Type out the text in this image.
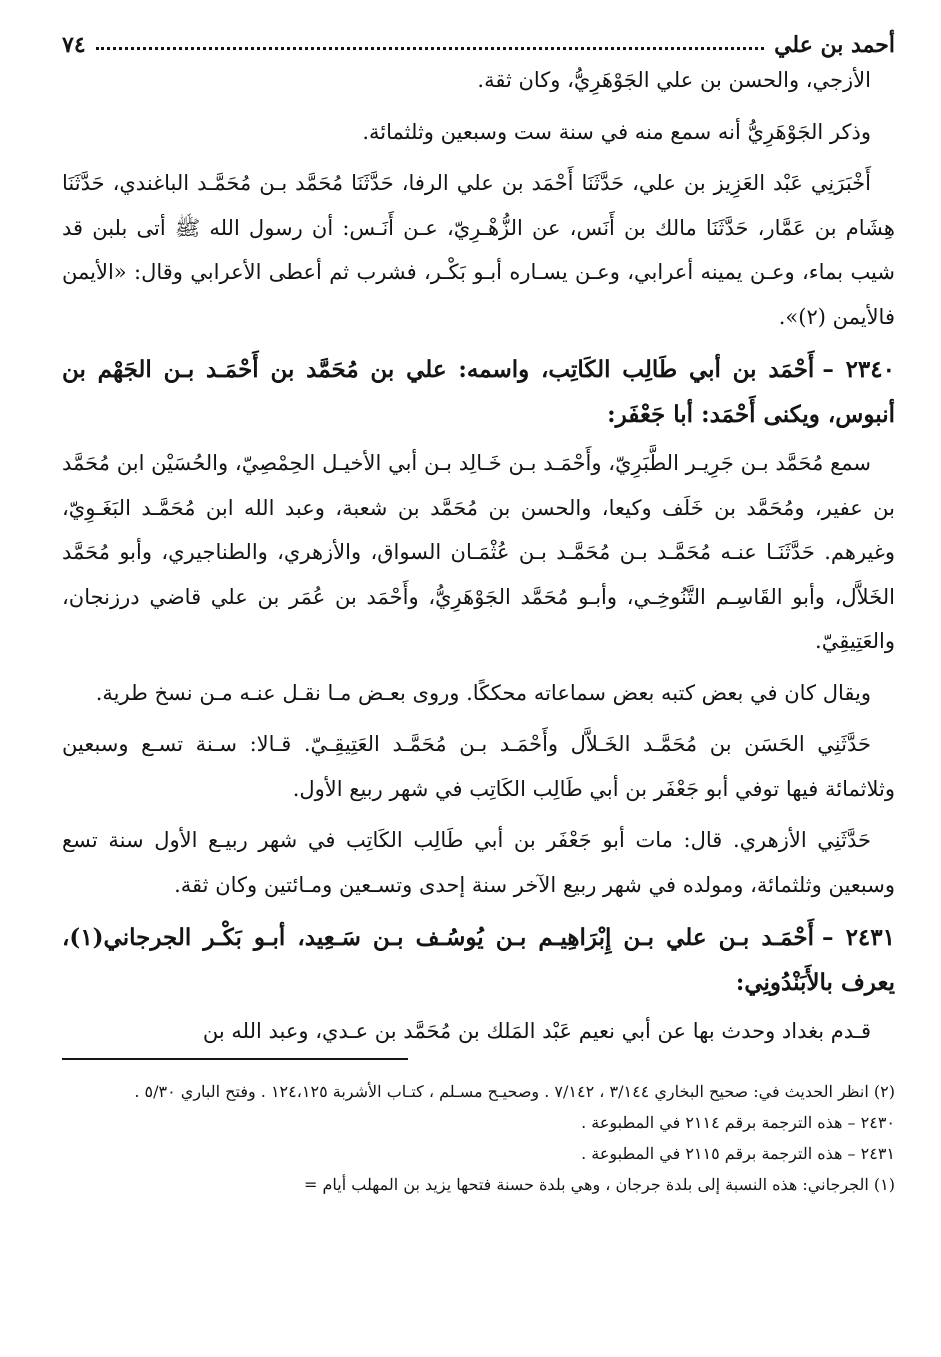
أحمد بن علي
٧٤

الأزجي، والحسن بن علي الجَوْهَرِيُّ، وكان ثقة.

وذكر الجَوْهَرِيُّ أنه سمع منه في سنة ست وسبعين وثلثمائة.

أَخْبَرَنِي عَبْد العَزِيز بن علي، حَدَّثَنَا أَحْمَد بن علي الرفا، حَدَّثَنَا مُحَمَّد بـن مُحَمَّـد الباغندي، حَدَّثَنَا هِشَام بن عَمَّار، حَدَّثَنَا مالك بن أَنَس، عن الزُّهْـرِيّ، عـن أَنَـس: أن رسول الله ﷺ أتى بلبن قد شيب بماء، وعـن يمينه أعرابي، وعـن يسـاره أبـو بَكْـر، فشرب ثم أعطى الأعرابي وقال: «الأيمن فالأيمن (٢)».

٢٣٤٠ –أَحْمَد بن أبي طَالِب الكَاتِب، واسمه: علي بن مُحَمَّد بن أَحْمَـد بـن الجَهْم بن أنبوس، ويكنى أَحْمَد: أبا جَعْفَر:

سمع مُحَمَّد بـن جَرِيـر الطَّبَرِيّ، وأَحْمَـد بـن خَـالِد بـن أبي الأخيـل الحِمْصِيّ، والحُسَيْن ابن مُحَمَّد بن عفير، ومُحَمَّد بن خَلَف وكيعا، والحسن بن مُحَمَّد بن شعبة، وعبد الله ابن مُحَمَّـد البَغَـوِيّ، وغيرهم. حَدَّثَنَـا عنـه مُحَمَّـد بـن مُحَمَّـد بـن عُثْمَـان السواق، والأزهري، والطناجيري، وأبو مُحَمَّد الخَلاَّل، وأبو القَاسِـم التَّنُوخِـي، وأبـو مُحَمَّد الجَوْهَرِيُّ، وأَحْمَد بن عُمَر بن علي قاضي درزنجان، والعَتِيقِيّ.

ويقال كان في بعض كتبه بعض سماعاته محككًا. وروى بعـض مـا نقـل عنـه مـن نسخ طرية.

حَدَّثَنِي الحَسَن بن مُحَمَّـد الخَـلاَّل وأَحْمَـد بـن مُحَمَّـد العَتِيقِـيّ. قـالا: سـنة تسـع وسبعين وثلاثمائة فيها توفي أبو جَعْفَر بن أبي طَالِب الكَاتِب في شهر ربيع الأول.

حَدَّثَنِي الأزهري. قال: مات أبو جَعْفَر بن أبي طَالِب الكَاتِب في شهر ربيـع الأول سنة تسع وسبعين وثلثمائة، ومولده في شهر ربيع الآخر سنة إحدى وتسـعين ومـائتين وكان ثقة.

٢٤٣١ –أَحْمَـد بـن علي بـن إِبْرَاهِيـم بـن يُوسُـف بـن سَـعِيد، أبـو بَكْـر الجرجاني(١)، يعرف بالأَبَنْدُونِي:

قـدم بغداد وحدث بها عن أبي نعيم عَبْد المَلك بن مُحَمَّد بن عـدي، وعبد الله بن

(٢) انظر الحديث في: صحيح البخاري ٣/١٤٤ ، ٧/١٤٢ . وصحيـح مسـلم ، كتـاب الأشربة ١٢٤،١٢٥ . وفتح الباري ٥/٣٠ .
٢٤٣٠ – هذه الترجمة برقم ٢١١٤ في المطبوعة .
٢٤٣١ – هذه الترجمة برقم ٢١١٥ في المطبوعة .
(١) الجرجاني: هذه النسبة إلى بلدة جرجان ، وهي بلدة حسنة فتحها يزيد بن المهلب أيام =
